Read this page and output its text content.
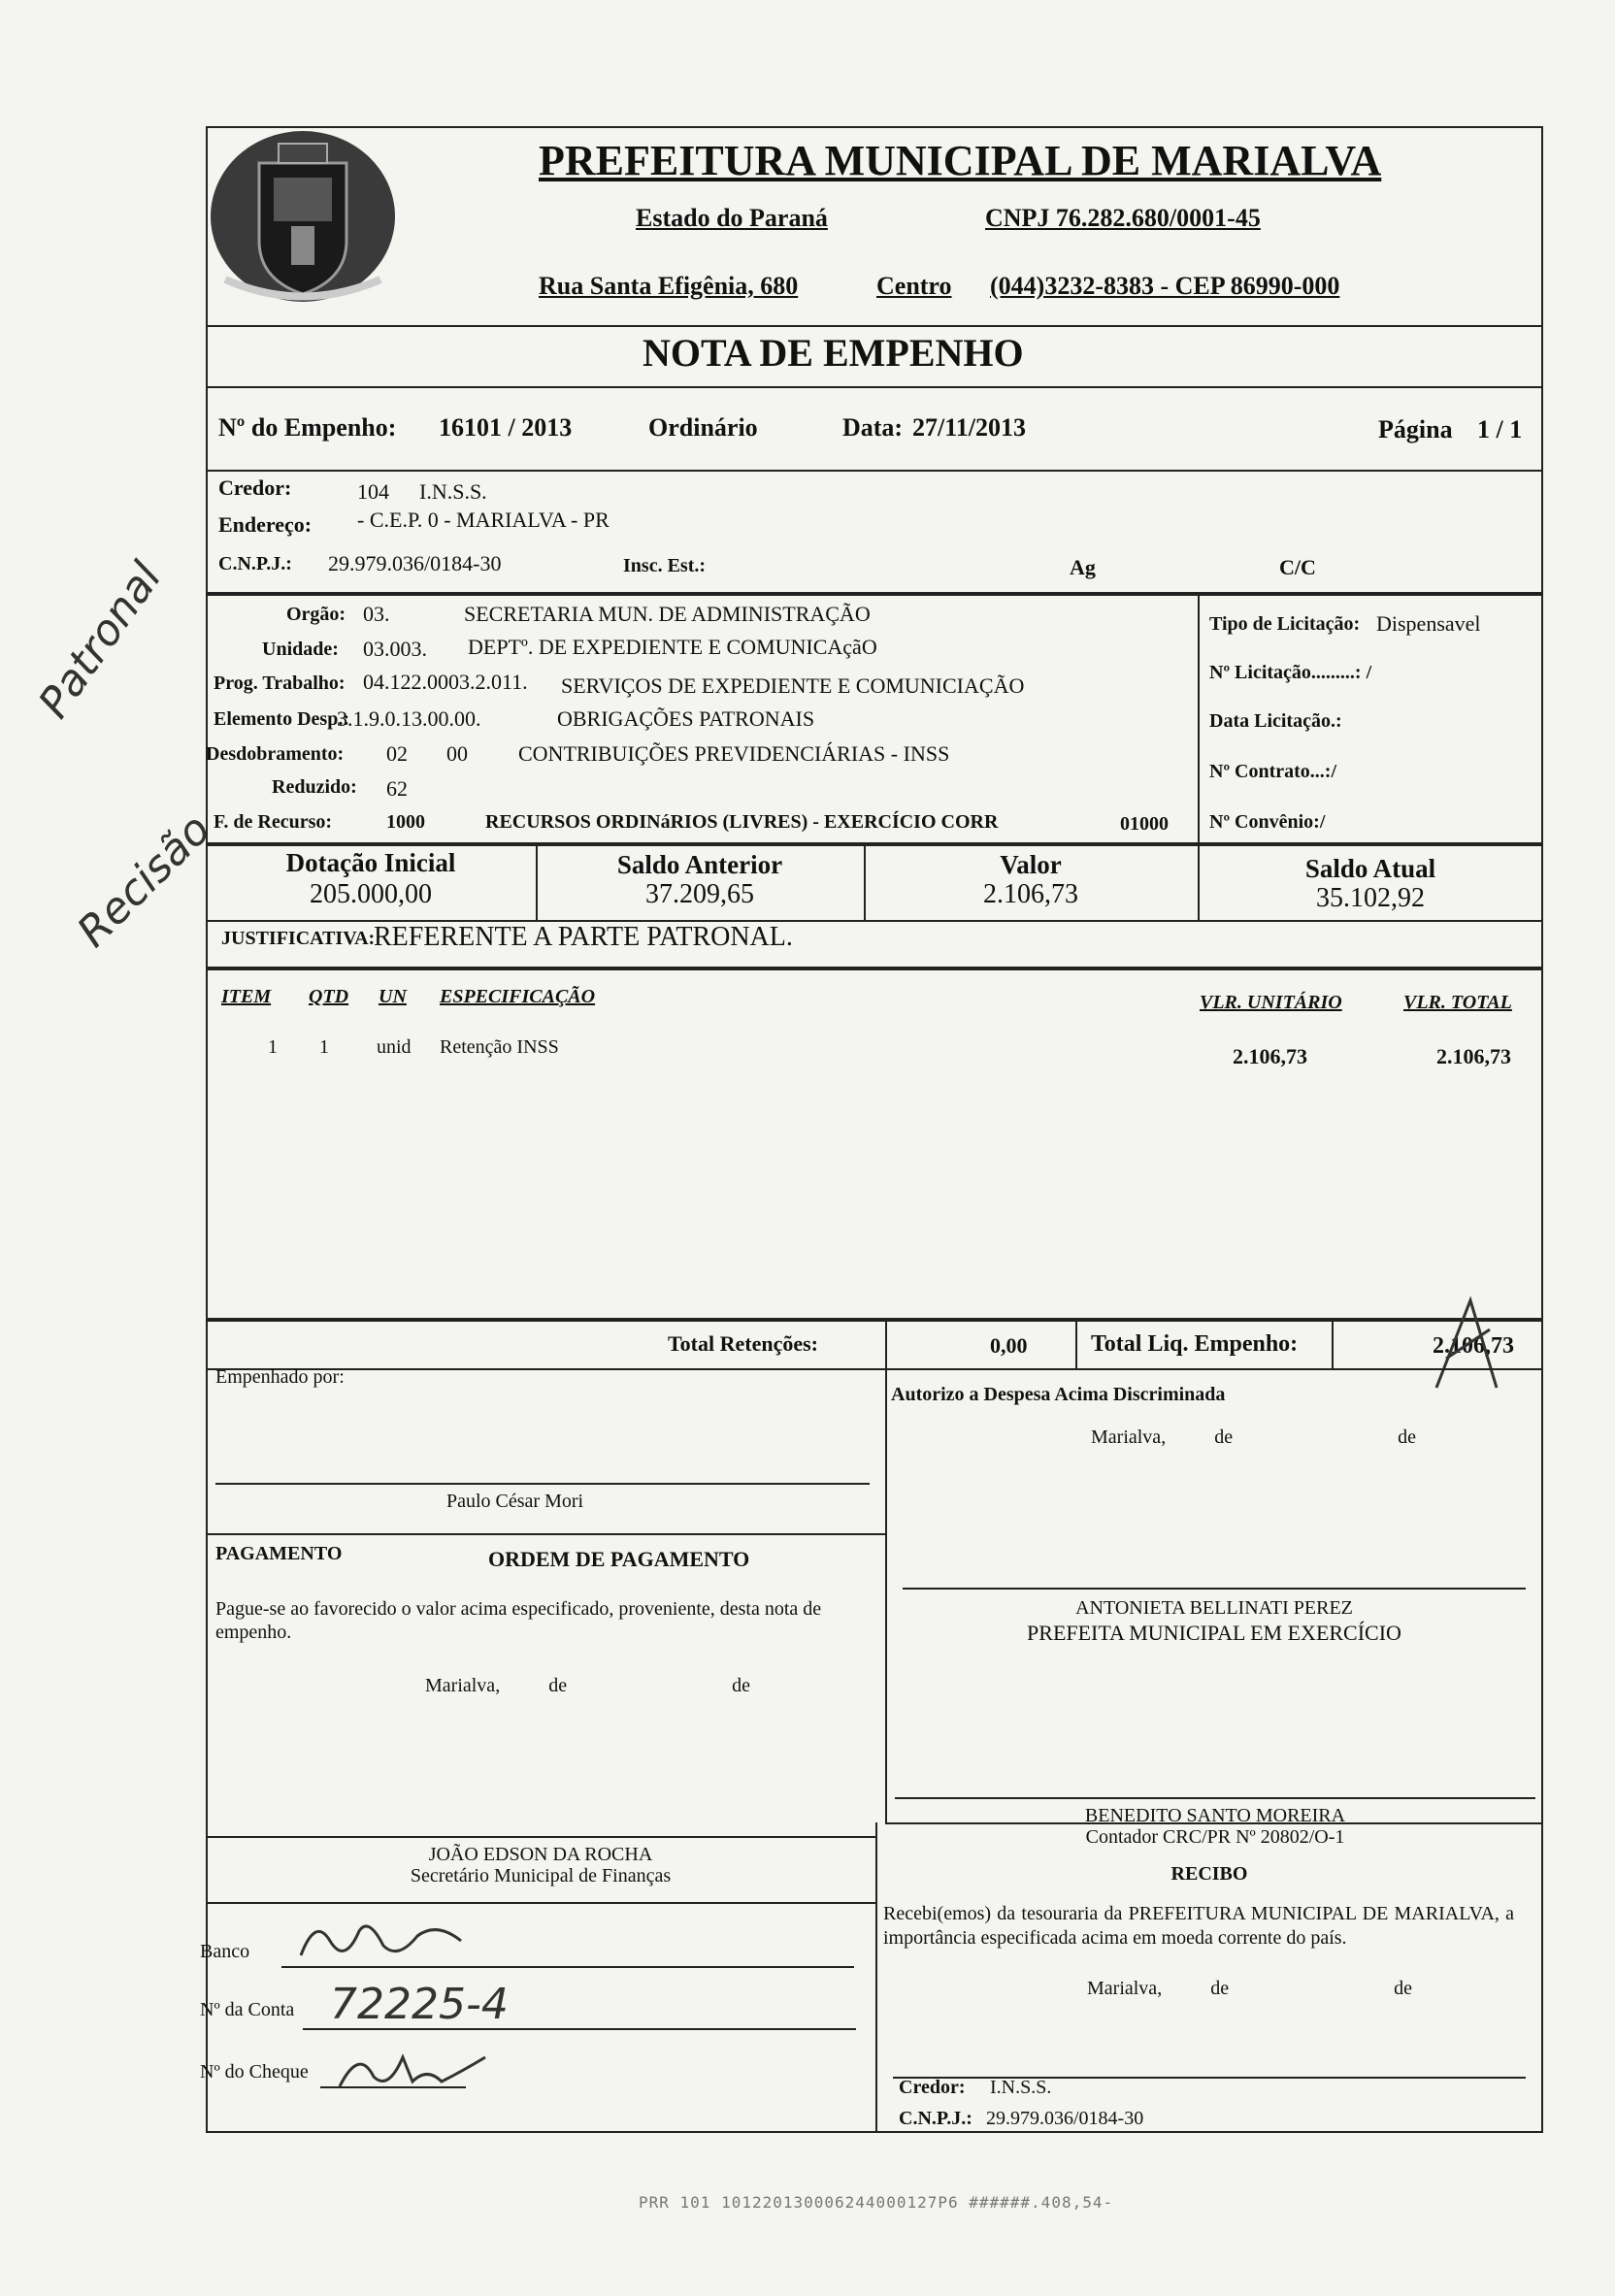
PREFEITURA MUNICIPAL DE MARIALVA
Estado do Paraná	CNPJ 76.282.680/0001-45
Rua Santa Efigênia, 680	Centro (044)3232-8383 - CEP 86990-000
NOTA DE EMPENHO
Nº do Empenho: 16101 / 2013	Ordinário	Data: 27/11/2013	Página 1 / 1
Credor:	104 I.N.S.S.
Endereço: - C.E.P. 0 - MARIALVA - PR
C.N.P.J.: 29.979.036/0184-30	Insc. Est.:	Ag	C/C
Orgão: 03.	SECRETARIA MUN. DE ADMINISTRAÇÃO
Unidade: 03.003. DEPTº. DE EXPEDIENTE E COMUNICAçãO
Prog. Trabalho: 04.122.0003.2.011. SERVIÇOS DE EXPEDIENTE E COMUNICIAÇÃO
Elemento Desp.:
3.1.9.0.13.00.00.	OBRIGAÇÕES PATRONAIS
Desdobramento: 02 00 CONTRIBUIÇÕES PREVIDENCIÁRIAS - INSS
Reduzido: 62
F. de Recurso:	1000	RECURSOS ORDINáRIOS (LIVRES) - EXERCÍCIO CORR	01000
Tipo de Licitação: Dispensavel
Nº Licitação.........: /
Data Licitação.:
Nº Contrato...:/
Nº Convênio:/
Dotação Inicial
205.000,00
Saldo Anterior
37.209,65
Valor
2.106,73
Saldo Atual
35.102,92
JUSTIFICATIVA:
REFERENTE A PARTE PATRONAL.
ITEM QTD UN ESPECIFICAÇÃO	VLR. UNITÁRIO	VLR. TOTAL
1 1 unid Retenção INSS	2.106,73	2.106,73
Total Retenções:	0,00	Total Liq. Empenho:	2.106,73
Empenhado por:
Paulo César Mori
Autorizo a Despesa Acima Discriminada
Marialva,          de                                  de
PAGAMENTO	ORDEM DE PAGAMENTO
Pague-se ao favorecido o valor acima especificado, proveniente, desta nota de empenho.
Marialva,          de                                  de
ANTONIETA BELLINATI PEREZ
PREFEITA MUNICIPAL EM EXERCÍCIO
BENEDITO SANTO MOREIRA
Contador CRC/PR Nº 20802/O-1
JOÃO EDSON DA ROCHA
Secretário Municipal de Finanças	RECIBO
Recebi(emos) da tesouraria da PREFEITURA MUNICIPAL DE MARIALVA, a importância especificada acima em moeda corrente do país.
Marialva,          de                                  de
Banco
Nº da Conta 72225-4
Nº do Cheque
Credor: I.N.S.S.
C.N.P.J.: 29.979.036/0184-30
Patronal
Recisão
PRR 101 101220130006244000127P6 ######.408,54-
